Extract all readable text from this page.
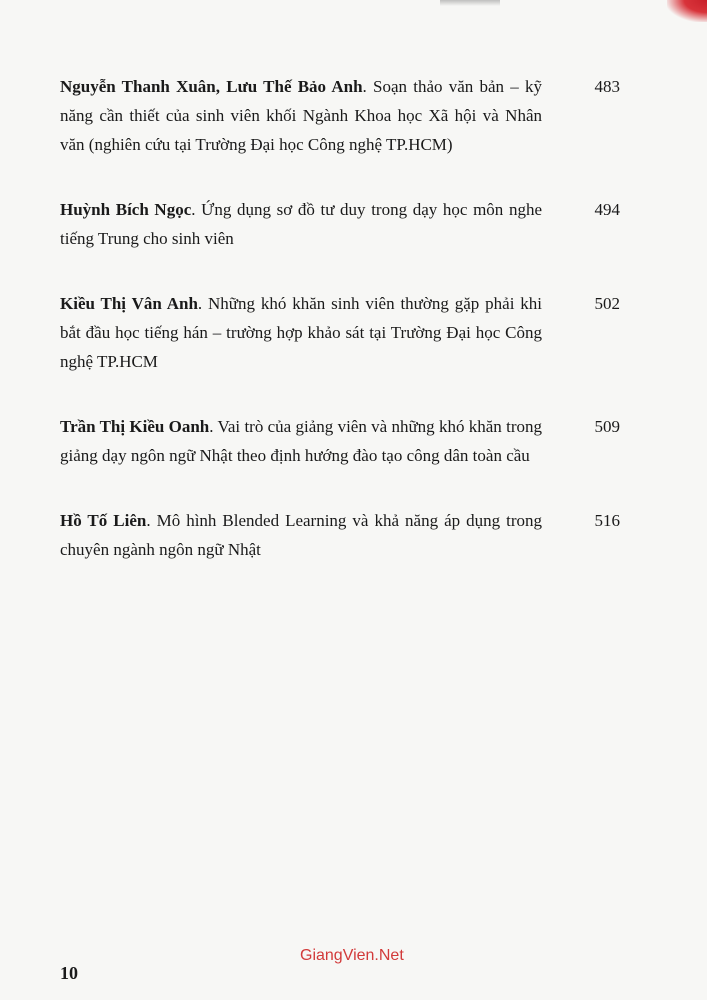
Nguyễn Thanh Xuân, Lưu Thế Bảo Anh. Soạn thảo văn bản – kỹ năng cần thiết của sinh viên khối Ngành Khoa học Xã hội và Nhân văn (nghiên cứu tại Trường Đại học Công nghệ TP.HCM)
483
Huỳnh Bích Ngọc. Ứng dụng sơ đồ tư duy trong dạy học môn nghe tiếng Trung cho sinh viên
494
Kiều Thị Vân Anh. Những khó khăn sinh viên thường gặp phải khi bắt đầu học tiếng hán – trường hợp khảo sát tại Trường Đại học Công nghệ TP.HCM
502
Trần Thị Kiều Oanh. Vai trò của giảng viên và những khó khăn trong giảng dạy ngôn ngữ Nhật theo định hướng đào tạo công dân toàn cầu
509
Hồ Tố Liên. Mô hình Blended Learning và khả năng áp dụng trong chuyên ngành ngôn ngữ Nhật
516
10
GiangVien.Net
